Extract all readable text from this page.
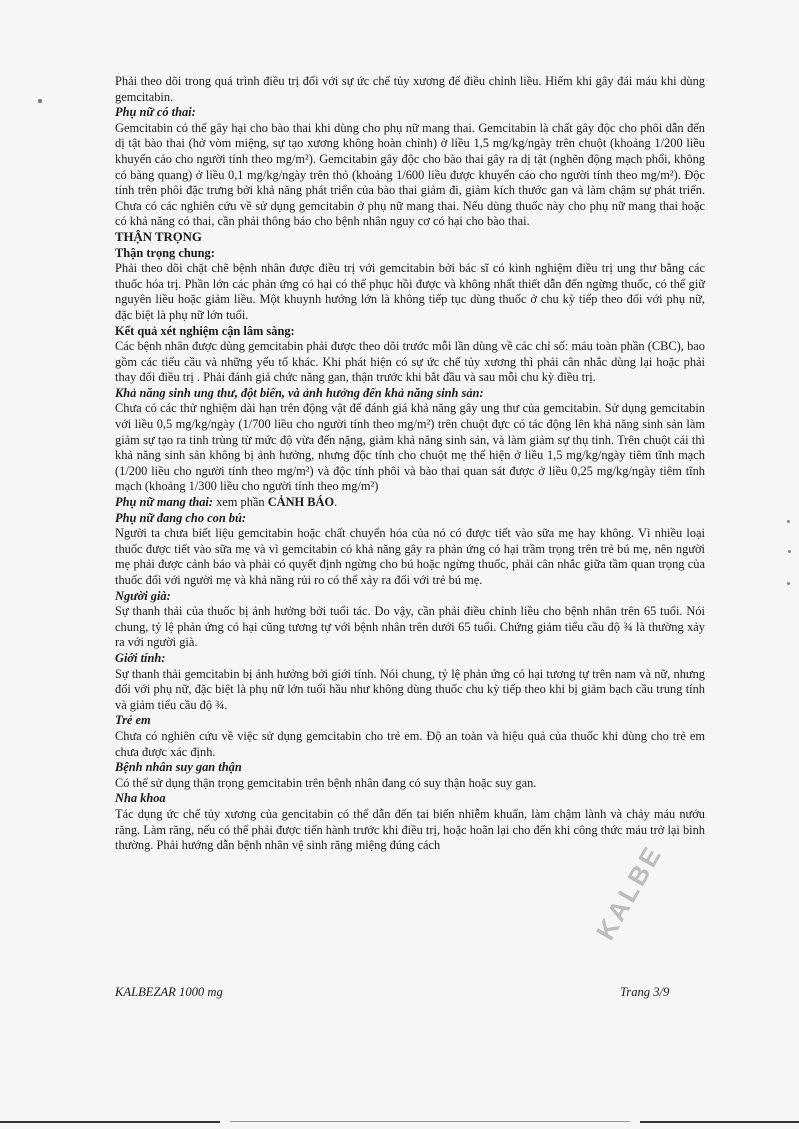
Phải theo dõi trong quá trình điều trị đối với sự ức chế tủy xương để điều chỉnh liều. Hiếm khi gây đái máu khi dùng gemcitabin.

Phụ nữ có thai:

Gemcitabin có thể gây hại cho bào thai khi dùng cho phụ nữ mang thai. Gemcitabin là chất gây độc cho phôi dẫn đến dị tật bào thai (hở vòm miệng, sự tạo xương không hoàn chỉnh) ở liều 1,5 mg/kg/ngày trên chuột (khoảng 1/200 liều khuyến cáo cho người tính theo mg/m²). Gemcitabin gây độc cho bào thai gây ra dị tật (nghẽn động mạch phổi, không có bàng quang) ở liều 0,1 mg/kg/ngày trên thỏ (khoảng 1/600 liều được khuyến cáo cho người tính theo mg/m²). Độc tính trên phôi đặc trưng bởi khả năng phát triển của bào thai giảm đi, giảm kích thước gan và làm chậm sự phát triển. Chưa có các nghiên cứu về sử dụng gemcitabin ở phụ nữ mang thai. Nếu dùng thuốc này cho phụ nữ mang thai hoặc có khả năng có thai, cần phải thông báo cho bệnh nhân nguy cơ có hại cho bào thai.

THẬN TRỌNG

Thận trọng chung:

Phải theo dõi chặt chẽ bệnh nhân được điều trị với gemcitabin bởi bác sĩ có kinh nghiệm điều trị ung thư bằng các thuốc hóa trị. Phần lớn các phản ứng có hại có thể phục hồi được và không nhất thiết dẫn đến ngừng thuốc, có thể giữ nguyên liều hoặc giảm liều. Một khuynh hướng lớn là không tiếp tục dùng thuốc ở chu kỳ tiếp theo đối với phụ nữ, đặc biệt là phụ nữ lớn tuổi.

Kết quả xét nghiệm cận lâm sàng:

Các bệnh nhân được dùng gemcitabin phải được theo dõi trước mỗi lần dùng về các chỉ số: máu toàn phần (CBC), bao gồm các tiểu cầu và những yếu tố khác. Khi phát hiện có sự ức chế tủy xương thì phải cân nhắc dùng lại hoặc phải thay đổi điều trị . Phải đánh giá chức năng gan, thận trước khi bắt đầu và sau mỗi chu kỳ điều trị.

Khả năng sinh ung thư, đột biến, và ảnh hưởng đến khả năng sinh sản:

Chưa có các thử nghiệm dài hạn trên động vật để đánh giá khả năng gây ung thư của gemcitabin. Sử dụng gemcitabin với liều 0,5 mg/kg/ngày (1/700 liều cho người tính theo mg/m²) trên chuột đực có tác động lên khả năng sinh sản làm giảm sự tạo ra tinh trùng từ mức độ vừa đến nặng, giảm khả năng sinh sản, và làm giảm sự thụ tinh. Trên chuột cái thì khả năng sinh sản không bị ảnh hưởng, nhưng độc tính cho chuột mẹ thể hiện ở liều 1,5 mg/kg/ngày tiêm tĩnh mạch (1/200 liều cho người tính theo mg/m²) và độc tính phôi và bào thai quan sát được ở liều 0,25 mg/kg/ngày tiêm tĩnh mạch (khoảng 1/300 liều cho người tính theo mg/m²)

Phụ nữ mang thai: xem phần CẢNH BÁO.

Phụ nữ đang cho con bú:

Người ta chưa biết liệu gemcitabin hoặc chất chuyển hóa của nó có được tiết vào sữa mẹ hay không. Vì nhiều loại thuốc được tiết vào sữa mẹ và vì gemcitabin có khả năng gây ra phản ứng có hại trầm trọng trên trẻ bú mẹ, nên người mẹ phải được cảnh báo và phải có quyết định ngừng cho bú hoặc ngừng thuốc, phải cân nhắc giữa tầm quan trọng của thuốc đối với người mẹ và khả năng rủi ro có thể xảy ra đối với trẻ bú mẹ.

Người già:

Sự thanh thải của thuốc bị ảnh hưởng bởi tuổi tác. Do vậy, cần phải điều chỉnh liều cho bệnh nhân trên 65 tuổi. Nói chung, tỷ lệ phản ứng có hại cũng tương tự với bệnh nhân trên dưới 65 tuổi. Chứng giảm tiểu cầu độ ¾ là thường xảy ra với người già.

Giới tính:

Sự thanh thải gemcitabin bị ảnh hưởng bởi giới tính. Nói chung, tỷ lệ phản ứng có hại tương tự trên nam và nữ, nhưng đối với phụ nữ, đặc biệt là phụ nữ lớn tuổi hầu như không dùng thuốc chu kỳ tiếp theo khi bị giảm bạch cầu trung tính và giảm tiểu cầu độ ¾.

Trẻ em

Chưa có nghiên cứu về việc sử dụng gemcitabin cho trẻ em. Độ an toàn và hiệu quả của thuốc khi dùng cho trẻ em chưa được xác định.

Bệnh nhân suy gan thận

Có thể sử dụng thận trọng gemcitabin trên bệnh nhân đang có suy thận hoặc suy gan.

Nha khoa

Tác dụng ức chế tủy xương của gencitabin có thể dẫn đến tai biến nhiễm khuẩn, làm chậm lành và chảy máu nướu răng. Làm răng, nếu có thể phải được tiến hành trước khi điều trị, hoặc hoãn lại cho đến khi công thức máu trở lại bình thường. Phải hướng dẫn bệnh nhân vệ sinh răng miệng đúng cách

KALBEZAR 1000 mg	Trang 3/9
KALBE
